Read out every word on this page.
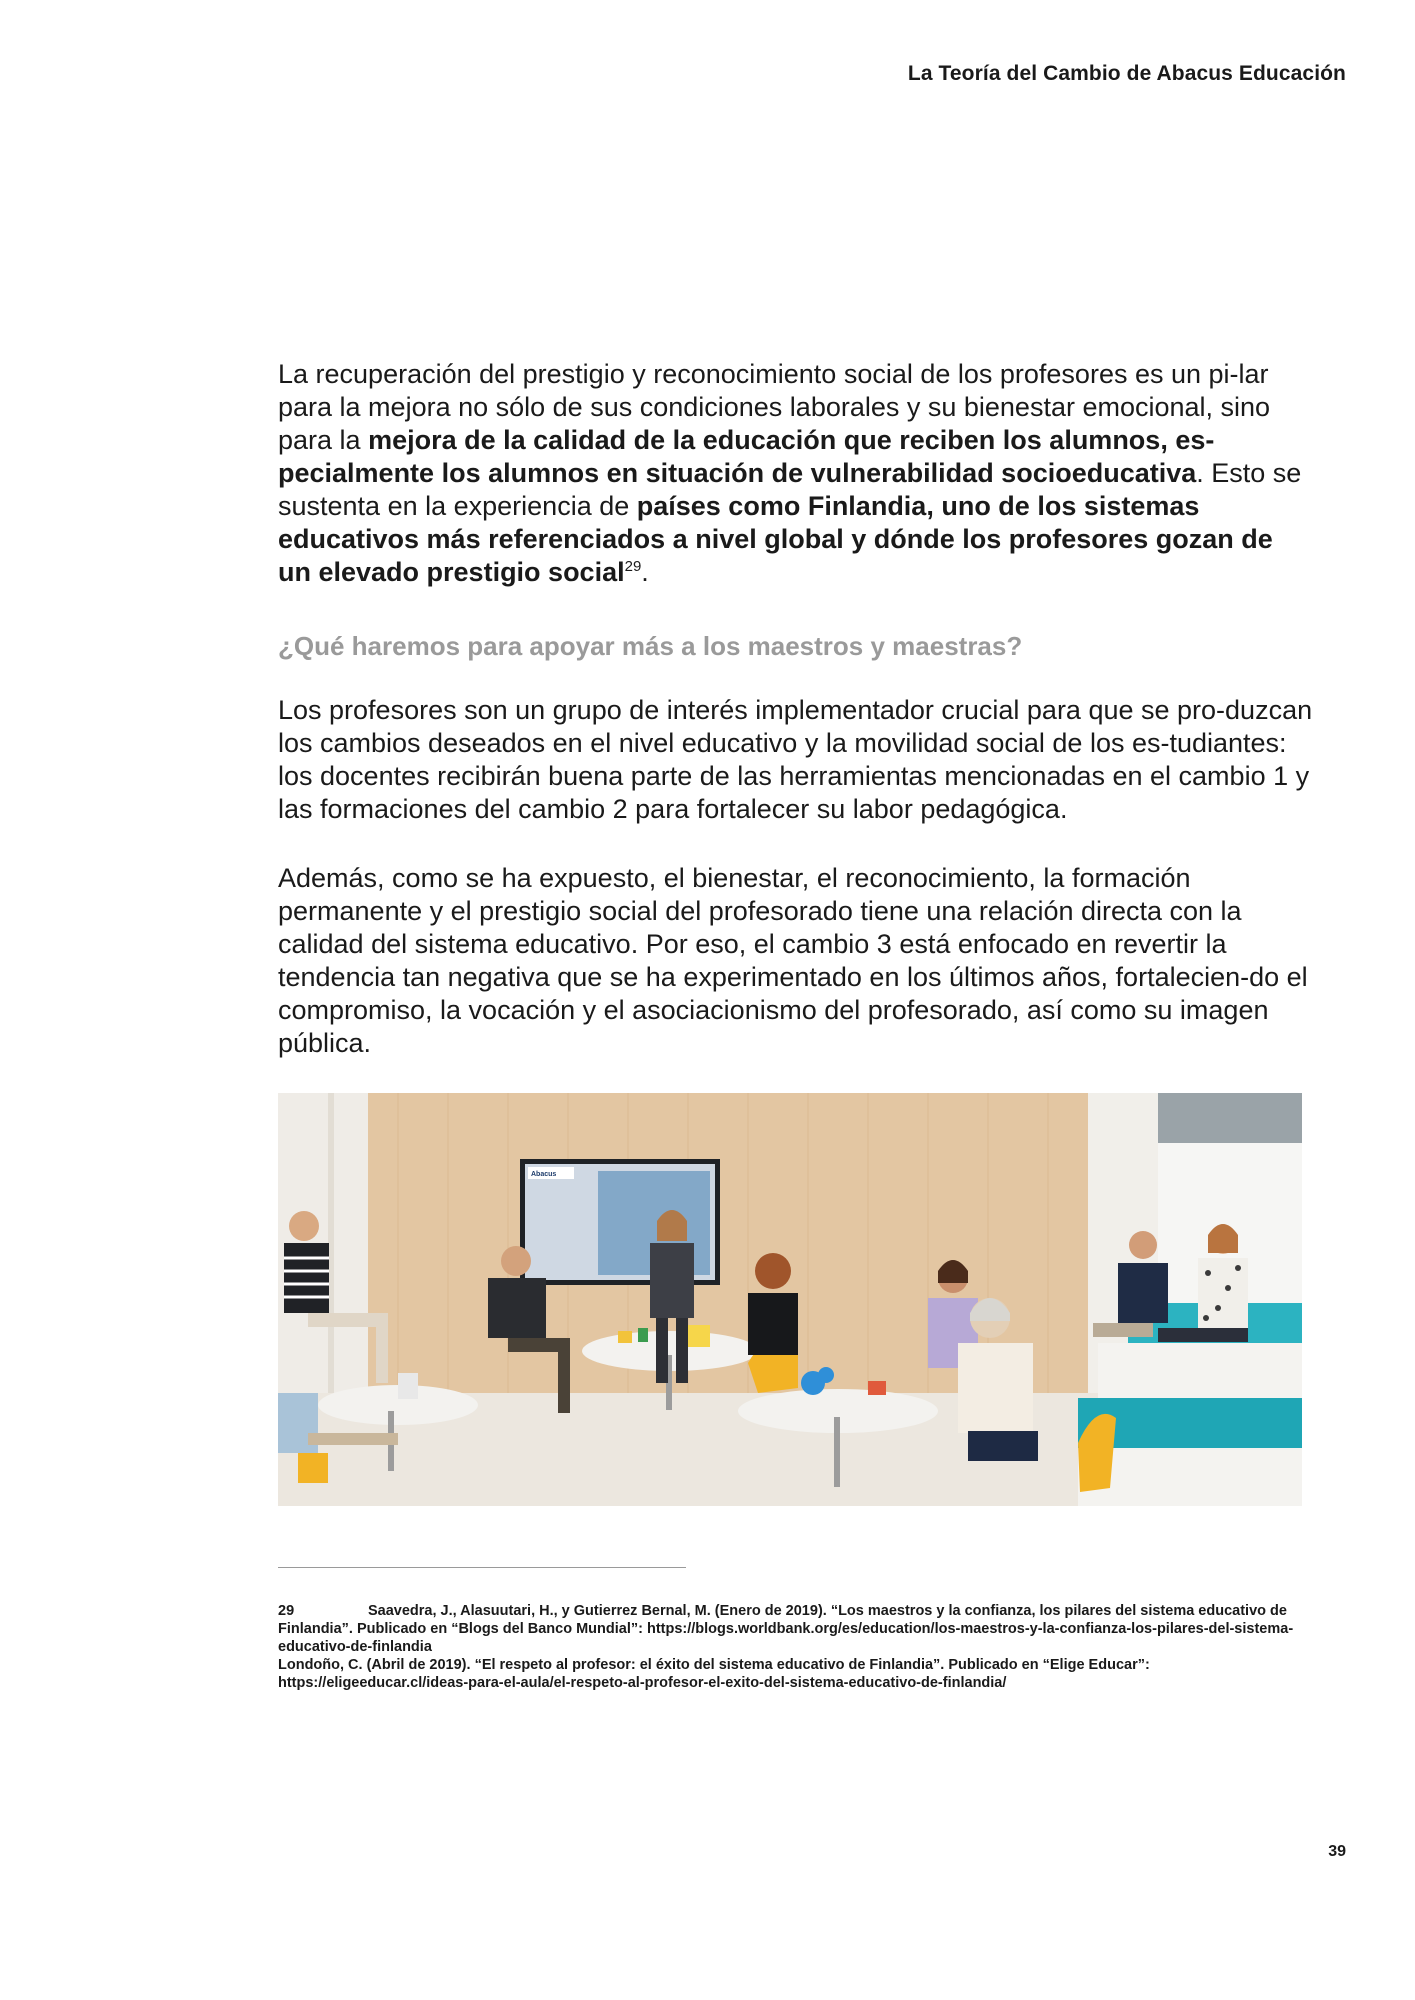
La Teoría del Cambio de Abacus Educación
La recuperación del prestigio y reconocimiento social de los profesores es un pi-lar para la mejora no sólo de sus condiciones laborales y su bienestar emocional, sino para la mejora de la calidad de la educación que reciben los alumnos, es-pecialmente los alumnos en situación de vulnerabilidad socioeducativa. Esto se sustenta en la experiencia de países como Finlandia, uno de los sistemas educativos más referenciados a nivel global y dónde los profesores gozan de un elevado prestigio social$^{29}$.
¿Qué haremos para apoyar más a los maestros y maestras?
Los profesores son un grupo de interés implementador crucial para que se pro-duzcan los cambios deseados en el nivel educativo y la movilidad social de los es-tudiantes: los docentes recibirán buena parte de las herramientas mencionadas en el cambio 1 y las formaciones del cambio 2 para fortalecer su labor pedagógica.
Además, como se ha expuesto, el bienestar, el reconocimiento, la formación permanente y el prestigio social del profesorado tiene una relación directa con la calidad del sistema educativo. Por eso, el cambio 3 está enfocado en revertir la tendencia tan negativa que se ha experimentado en los últimos años, fortalecien-do el compromiso, la vocación y el asociacionismo del profesorado, así como su imagen pública.
Abacus
29	Saavedra, J., Alasuutari, H., y Gutierrez Bernal, M. (Enero de 2019). “Los maestros y la confianza, los pilares del sistema educativo de Finlandia”. Publicado en “Blogs del Banco Mundial”: https://blogs.worldbank.org/es/education/los-maestros-y-la-confianza-los-pilares-del-sistema-educativo-de-finlandia
Londoño, C. (Abril de 2019). “El respeto al profesor: el éxito del sistema educativo de Finlandia”. Publicado en “Elige Educar”: https://eligeeducar.cl/ideas-para-el-aula/el-respeto-al-profesor-el-exito-del-sistema-educativo-de-finlandia/
39
